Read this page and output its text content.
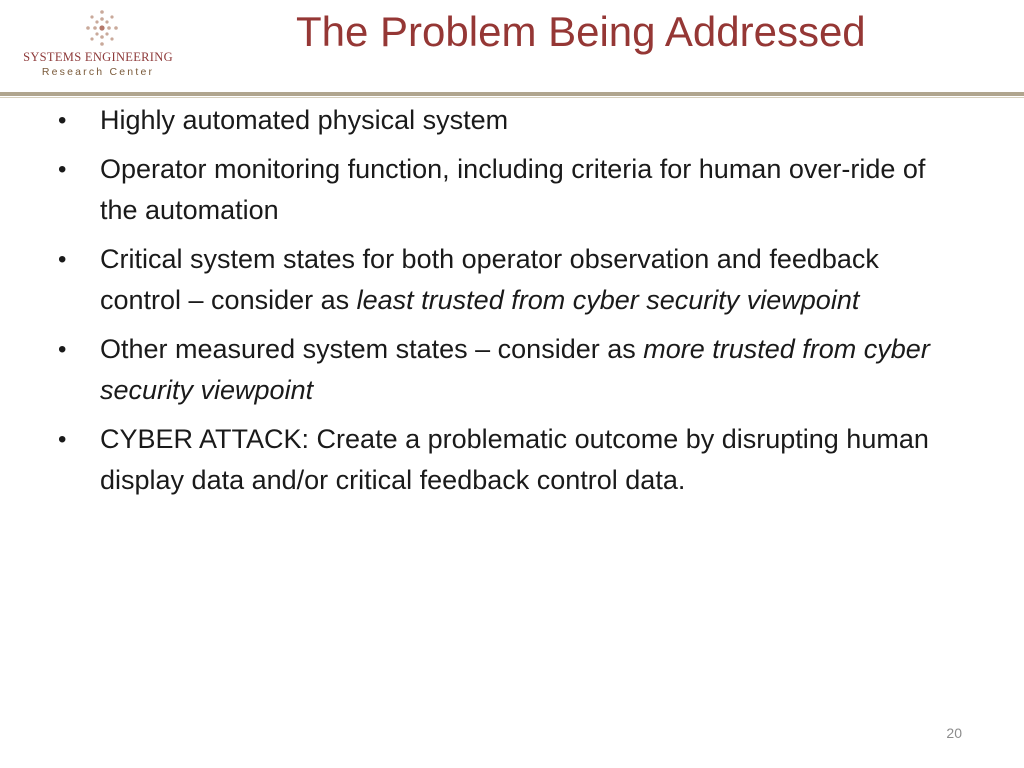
SYSTEMS ENGINEERING
Research Center
The Problem Being Addressed
• Highly automated physical system
• Operator monitoring function, including criteria for human over-ride of the automation
• Critical system states for both operator observation and feedback control – consider as least trusted from cyber security viewpoint
• Other measured system states – consider as more trusted from cyber security viewpoint
• CYBER ATTACK: Create a problematic outcome by disrupting human display data and/or critical feedback control data.
20
